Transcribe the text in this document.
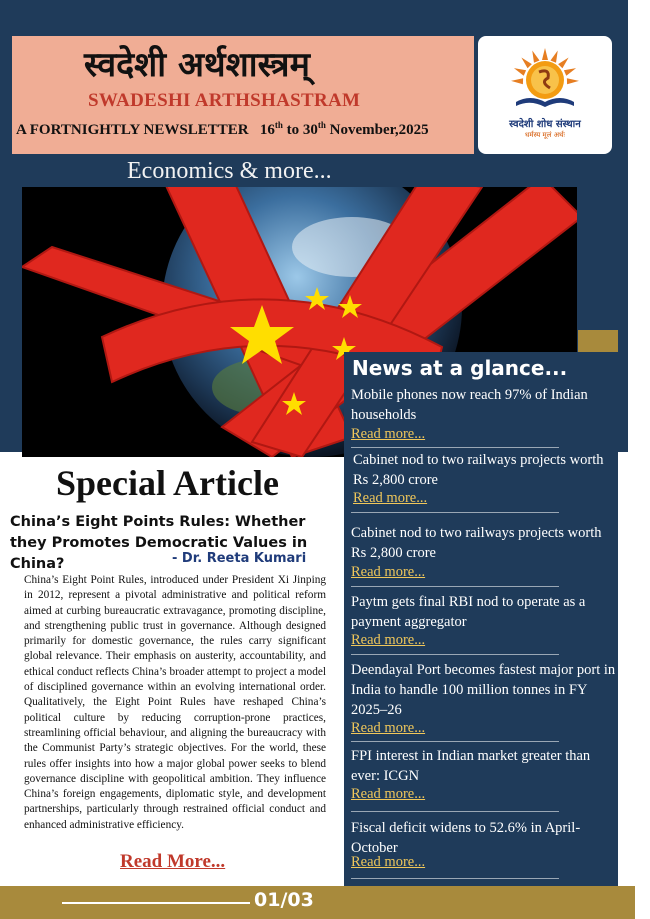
स्वदेशी अर्थशास्त्रम्
SWADESHI ARTHSHASTRAM
A FORTNIGHTLY NEWSLETTER 16th to 30th November,2025	स्वदेशी शोध संस्थान
धर्मस्य मूलं अर्थः
Economics & more...
News at a glance...
Mobile phones now reach 97% of Indian households
Read more...
Cabinet nod to two railways projects worth Rs 2,800 crore
Read more...
Cabinet nod to two railways projects worth Rs 2,800 crore
Read more...
Paytm gets final RBI nod to operate as a payment aggregator
Read more...
Deendayal Port becomes fastest major port in India to handle 100 million tonnes in FY 2025–26
Read more...
FPI interest in Indian market greater than ever: ICGN
Read more...
Fiscal deficit widens to 52.6% in April-October
Read more...
Special Article
China’s Eight Points Rules: Whether they Promotes Democratic Values in China?	- Dr. Reeta Kumari
China’s Eight Point Rules, introduced under President Xi Jinping in 2012, represent a pivotal administrative and political reform aimed at curbing bureaucratic extravagance, promoting discipline, and strengthening public trust in governance. Although designed primarily for domestic governance, the rules carry significant global relevance. Their emphasis on austerity, accountability, and ethical conduct reflects China’s broader attempt to project a model of disciplined governance within an evolving international order. Qualitatively, the Eight Point Rules have reshaped China’s political culture by reducing corruption-prone practices, streamlining official behaviour, and aligning the bureaucracy with the Communist Party’s strategic objectives. For the world, these rules offer insights into how a major global power seeks to blend governance discipline with geopolitical ambition. They influence China’s foreign engagements, diplomatic style, and development partnerships, particularly through restrained official conduct and enhanced administrative efficiency.
Read More...
01/03
